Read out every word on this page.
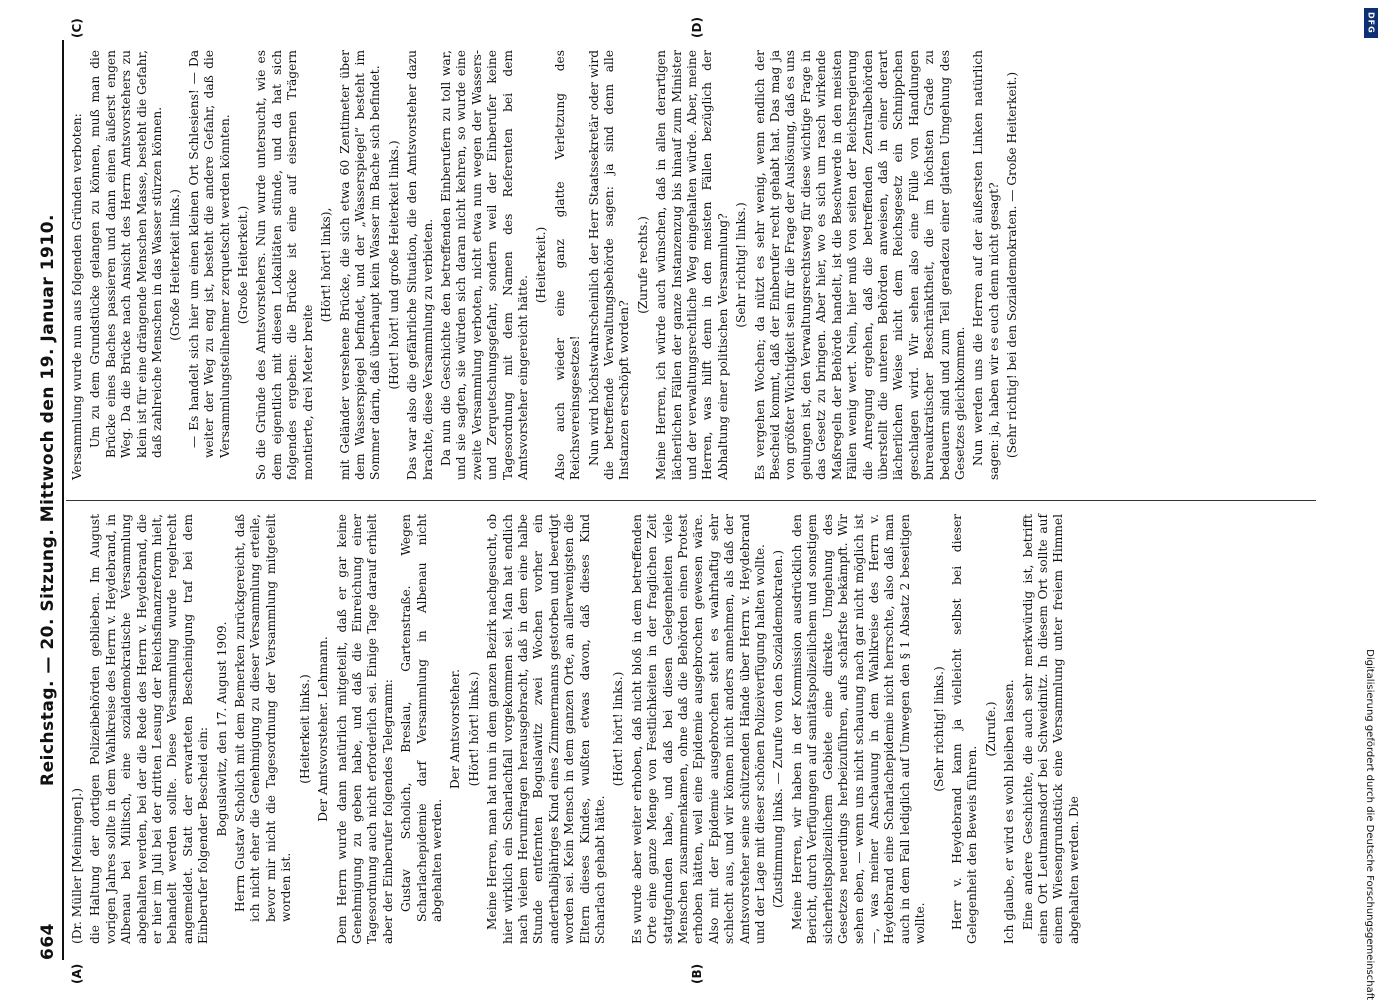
664
Reichstag. — 20. Sitzung. Mittwoch den 19. Januar 1910.
(A)	(B)
(C)	(D)

(Dr. Müller [Meiningen].) die Haltung der dortigen Polizeibehörden geblieben. Im August vorigen Jahres sollte in dem Wahlkreise des Herrn v. Heydebrand, in Albenau bei Militsch, eine sozialdemokratische Versammlung abgehalten werden, bei der die Rede des Herrn v. Heydebrand, die er hier im Juli bei der dritten Lesung der Reichsfinanzreform hielt, behandelt werden sollte. Diese Versammlung wurde regelrecht angemeldet. Statt der erwarteten Bescheinigung traf bei dem Einberufer folgender Bescheid ein: Boguslawitz, den 17. August 1909. Herrn Gustav Scholich mit dem Bemerken zurückgereicht, daß ich nicht eher die Genehmigung zu dieser Versammlung erteile, bevor mir nicht die Tagesordnung der Versammlung mitgeteilt worden ist.

(Heiterkeit links.) Der Amtsvorsteher. Lehmann. Dem Herrn wurde dann natürlich mitgeteilt, daß er gar keine Genehmigung zu geben habe, und daß die Einreichung einer Tagesordnung auch nicht erforderlich sei. Einige Tage darauf erhielt aber der Einberufer folgendes Telegramm: Gustav Scholich, Breslau, Gartenstraße. Wegen Scharlachepidemie darf Versammlung in Albenau nicht abgehalten werden.

Der Amtsvorsteher. (Hört! hört! links.) Meine Herren, man hat nun in dem ganzen Bezirk nachgesucht, ob hier wirklich ein Scharlachfall vorgekommen sei. Man hat endlich nach vielem Herumfragen herausgebracht, daß in dem eine halbe Stunde entfernten Boguslawitz zwei Wochen vorher ein anderthalbjähriges Kind eines Zimmermanns gestorben und beerdigt worden sei. Kein Mensch in dem ganzen Orte, an allerwenigsten die Eltern dieses Kindes, wußten etwas davon, daß dieses Kind Scharlach gehabt hätte.

(Hört! hört! links.) Es wurde aber weiter erhoben, daß nicht bloß in dem betreffenden Orte eine ganze Menge von Festlichkeiten in der fraglichen Zeit stattgefunden habe, und daß bei diesen Gelegenheiten viele Menschen zusammenkamen, ohne daß die Behörden einen Protest erhoben hätten, weil eine Epidemie ausgebrochen gewesen wäre. Also mit der Epidemie ausgebrochen steht es wahrhaftig sehr schlecht aus, und wir können nicht anders annehmen, als daß der Amtsvorsteher seine schützenden Hände über Herrn v. Heydebrand und der Lage mit dieser schönen Polizeiverfügung halten wollte. (Zustimmung links. — Zurufe von den Sozialdemokraten.) Meine Herren, wir haben in der Kommission ausdrücklich den Bericht, durch Verfügungen auf sanitätspolizeilichem und sonstigem sicherheitspolizeilichem Gebiete eine direkte Umgehung des Gesetzes neuerdings herbeizuführen, aufs schärfste bekämpft. Wir sehen eben, — wenn uns nicht schauung nach gar nicht möglich ist —, was meiner Anschauung in dem Wahlkreise des Herrn v. Heydebrand eine Scharlachepidemie nicht herrschte, also daß man auch in dem Fall lediglich auf Umwegen den § 1 Absatz 2 beseitigen wollte.

(Sehr richtig! links.) Herr v. Heydebrand kann ja vielleicht selbst bei dieser Gelegenheit den Beweis führen.

(Zurufe.) Ich glaube, er wird es wohl bleiben lassen. Eine andere Geschichte, die auch sehr merkwürdig ist, betrifft einen Ort Leutmannsdorf bei Schweidnitz. In diesem Ort sollte auf einem Wiesengrundstück eine Versammlung unter freiem Himmel abgehalten werden. Die

Versammlung wurde nun aus folgenden Gründen verboten: Um zu dem Grundstücke gelangen zu können, muß man die Brücke eines Baches passieren und dann einen äußerst engen Weg. Da die Brücke nach Ansicht des Herrn Amtsvorstehers zu klein ist für eine drängende Menschen Masse, besteht die Gefahr, daß zahlreiche Menschen in das Wasser stürzen können. (Große Heiterkeit links.) — Es handelt sich hier um einen kleinen Ort Schlesiens! — Da weiter der Weg zu eng ist, besteht die andere Gefahr, daß die Versammlungsteilnehmer zerquetscht werden könnten. (Große Heiterkeit.) So die Gründe des Amtsvorstehers. Nun wurde untersucht, wie es dem eigentlich mit diesen Lokalitäten stünde, und da hat sich folgendes ergeben: die Brücke ist eine auf eisernen Trägern montierte, drei Meter breite

(Hört! hört! links), mit Geländer versehene Brücke, die sich etwa 60 Zentimeter über dem Wasserspiegel befindet, und der „Wasserspiegel“ besteht im Sommer darin, daß überhaupt kein Wasser im Bache sich befindet. (Hört! hört! und große Heiterkeit links.) Das war also die gefährliche Situation, die den Amtsvorsteher dazu brachte, diese Versammlung zu verbieten. Da nun die Geschichte den betreffenden Einberufern zu toll war, und sie sagten, sie würden sich daran nicht kehren, so wurde eine zweite Versammlung verboten, nicht etwa nun wegen der Wassers- und Zerquetschungsgefahr, sondern weil der Einberufer keine Tagesordnung mit dem Namen des Referenten bei dem Amtsvorsteher eingereicht hätte.

(Heiterkeit.) Also auch wieder eine ganz glatte Verletzung des Reichsvereinsgesetzes! Nun wird höchstwahrscheinlich der Herr Staatssekretär oder wird die betreffende Verwaltungsbehörde sagen: ja sind denn alle Instanzen erschöpft worden?

(Zurufe rechts.) Meine Herren, ich würde auch wünschen, daß in allen derartigen lächerlichen Fällen der ganze Instanzenzug bis hinauf zum Minister und der verwaltungsrechtliche Weg eingehalten würde. Aber, meine Herren, was hilft denn in den meisten Fällen bezüglich der Abhaltung einer politischen Versammlung? (Sehr richtig! links.) Es vergehen Wochen; da nützt es sehr wenig, wenn endlich der Bescheid kommt, daß der Einberufer recht gehabt hat. Das mag ja von größter Wichtigkeit sein für die Frage der Auslösung, daß es uns gelungen ist, den Verwaltungsrechtsweg für diese wichtige Frage in das Gesetz zu bringen. Aber hier, wo es sich um rasch wirkende Maßregeln der Behörde handelt, ist die Beschwerde in den meisten Fällen wenig wert. Nein, hier muß von seiten der Reichsregierung die Anregung ergehen, daß die betreffenden Zentralbehörden überstellt die unteren Behörden anweisen, daß in einer derart lächerlichen Weise nicht dem Reichsgesetz ein Schnippchen geschlagen wird. Wir sehen also eine Fülle von Handlungen bureaukratischer Beschränktheit, die im höchsten Grade zu bedauern sind und zum Teil geradezu einer glatten Umgehung des Gesetzes gleichkommen. Nun werden uns die Herren auf der äußersten Linken natürlich sagen: ja, haben wir es euch denn nicht gesagt? (Sehr richtig! bei den Sozialdemokraten. — Große Heiterkeit.)

DFG
Digitalisierung gefördert durch die Deutsche Forschungsgemeinschaft
